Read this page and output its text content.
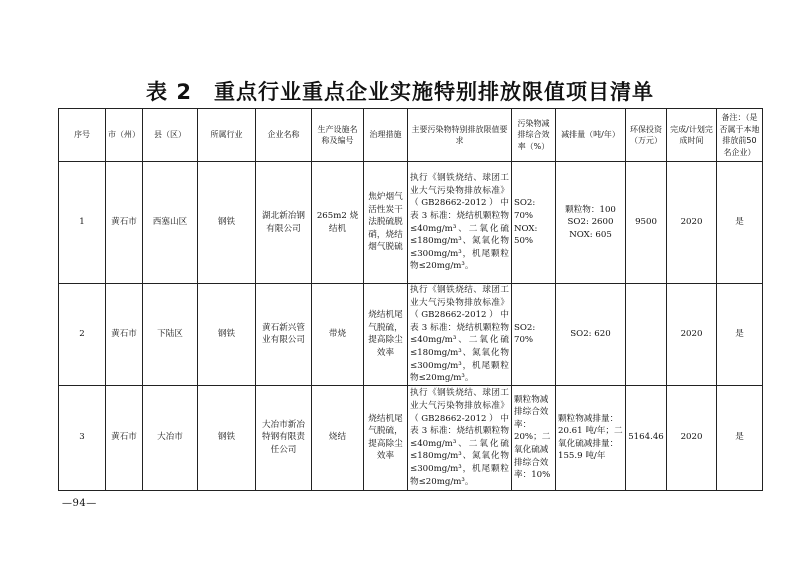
表 2 重点行业重点企业实施特别排放限值项目清单
序号	市（州）	县（区）	所属行业	企业名称	生产设施名称及编号	治理措施	主要污染物特别排放限值要求	污染物减排综合效率（%）	减排量（吨/年）	环保投资（万元）	完成/计划完成时间	备注：（是否属于本地排放前50名企业）
1	黄石市	西塞山区	钢铁	湖北新冶钢有限公司	265m2 烧结机	焦炉烟气活性炭干法脱硫脱硝，烧结烟气脱硫	执行《钢铁烧结、球团工业大气污染物排放标准》（GB28662-2012）中表 3 标准：烧结机颗粒物≤40mg/m³、二氧化硫≤180mg/m³、氮氧化物≤300mg/m³，机尾颗粒物≤20mg/m³。	SO2: 70% NOX: 50%	颗粒物：100 SO2: 2600 NOX: 605	9500	2020	是
2	黄石市	下陆区	钢铁	黄石新兴管业有限公司	带烧	烧结机尾气脱硫，提高除尘效率	执行《钢铁烧结、球团工业大气污染物排放标准》（GB28662-2012）中表 3 标准：烧结机颗粒物≤40mg/m³、二氧化硫≤180mg/m³、氮氧化物≤300mg/m³，机尾颗粒物≤20mg/m³。	SO2: 70%	SO2: 620		2020	是
3	黄石市	大冶市	钢铁	大冶市新冶特钢有限责任公司	烧结	烧结机尾气脱硫，提高除尘效率	执行《钢铁烧结、球团工业大气污染物排放标准》（GB28662-2012）中表 3 标准：烧结机颗粒物≤40mg/m³、二氧化硫≤180mg/m³、氮氧化物≤300mg/m³，机尾颗粒物≤20mg/m³。	颗粒物减排综合效率：20%；二氧化硫减排综合效率：10%	颗粒物减排量：20.61 吨/年；二氧化硫减排量：155.9 吨/年	5164.46	2020	是
—94—
